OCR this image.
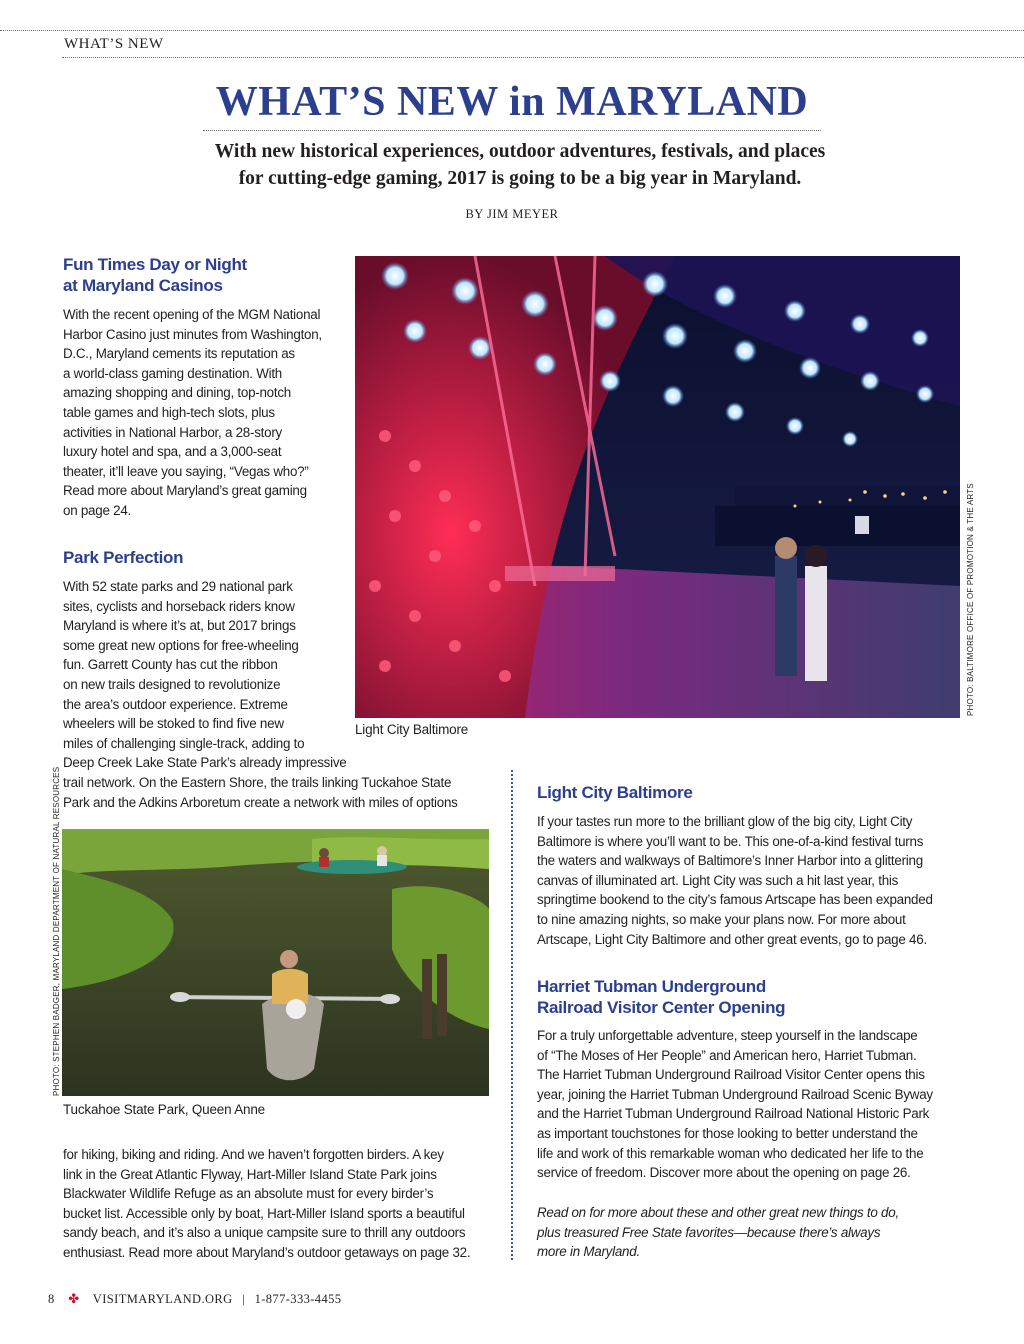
WHAT’S NEW
WHAT’S NEW in MARYLAND
With new historical experiences, outdoor adventures, festivals, and places
for cutting-edge gaming, 2017 is going to be a big year in Maryland.
BY JIM MEYER
Fun Times Day or Night
at Maryland Casinos
With the recent opening of the MGM National
Harbor Casino just minutes from Washington,
D.C., Maryland cements its reputation as
a world-class gaming destination. With
amazing shopping and dining, top-notch
table games and high-tech slots, plus
activities in National Harbor, a 28-story
luxury hotel and spa, and a 3,000-seat
theater, it’ll leave you saying, “Vegas who?”
Read more about Maryland’s great gaming
on page 24.
Park Perfection
With 52 state parks and 29 national park
sites, cyclists and horseback riders know
Maryland is where it’s at, but 2017 brings
some great new options for free-wheeling
fun. Garrett County has cut the ribbon
on new trails designed to revolutionize
the area’s outdoor experience. Extreme
wheelers will be stoked to find five new
miles of challenging single-track, adding to
Deep Creek Lake State Park’s already impressive
trail network. On the Eastern Shore, the trails linking Tuckahoe State
Park and the Adkins Arboretum create a network with miles of options
PHOTO: BALTIMORE OFFICE OF PROMOTION & THE ARTS
Light City Baltimore
PHOTO: STEPHEN BADGER, MARYLAND DEPARTMENT OF NATURAL RESOURCES
Tuckahoe State Park, Queen Anne
for hiking, biking and riding. And we haven’t forgotten birders. A key
link in the Great Atlantic Flyway, Hart-Miller Island State Park joins
Blackwater Wildlife Refuge as an absolute must for every birder’s
bucket list. Accessible only by boat, Hart-Miller Island sports a beautiful
sandy beach, and it’s also a unique campsite sure to thrill any outdoors
enthusiast. Read more about Maryland’s outdoor getaways on page 32.
Light City Baltimore
If your tastes run more to the brilliant glow of the big city, Light City
Baltimore is where you’ll want to be. This one-of-a-kind festival turns
the waters and walkways of Baltimore’s Inner Harbor into a glittering
canvas of illuminated art. Light City was such a hit last year, this
springtime bookend to the city’s famous Artscape has been expanded
to nine amazing nights, so make your plans now. For more about
Artscape, Light City Baltimore and other great events, go to page 46.
Harriet Tubman Underground
Railroad Visitor Center Opening
For a truly unforgettable adventure, steep yourself in the landscape
of “The Moses of Her People” and American hero, Harriet Tubman.
The Harriet Tubman Underground Railroad Visitor Center opens this
year, joining the Harriet Tubman Underground Railroad Scenic Byway
and the Harriet Tubman Underground Railroad National Historic Park
as important touchstones for those looking to better understand the
life and work of this remarkable woman who dedicated her life to the
service of freedom. Discover more about the opening on page 26.
Read on for more about these and other great new things to do,
plus treasured Free State favorites—because there’s always
more in Maryland.
8 ✤ VISITMARYLAND.ORG | 1-877-333-4455
